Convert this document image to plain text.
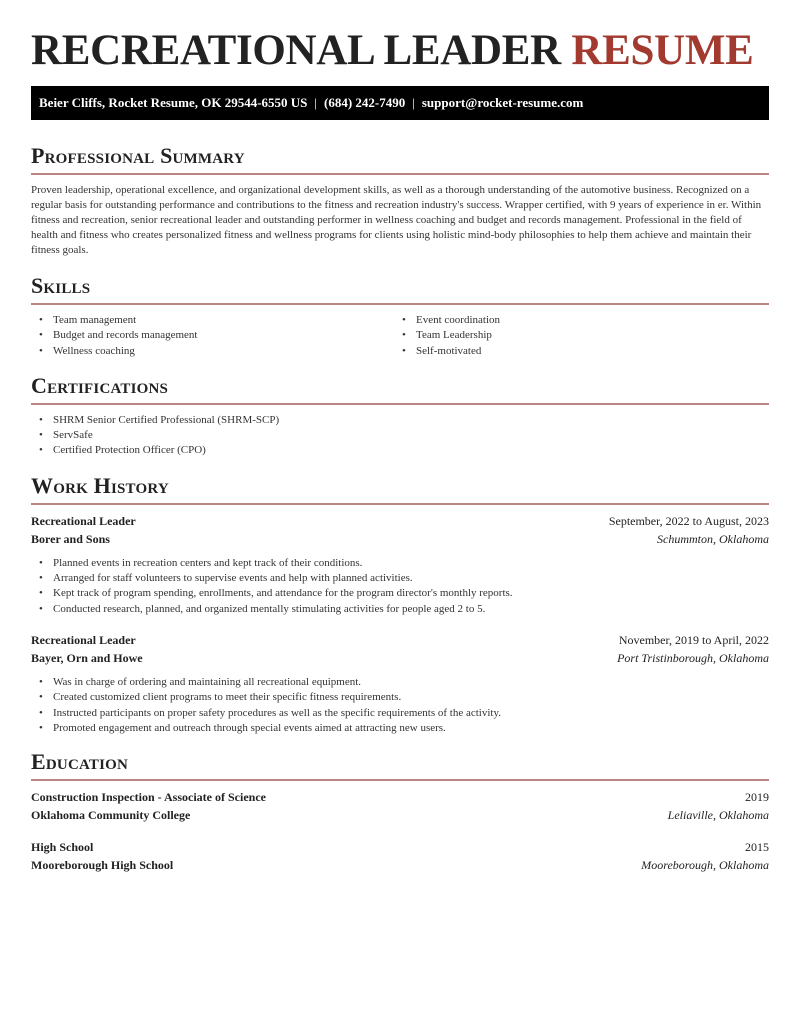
RECREATIONAL LEADER RESUME
Beier Cliffs, Rocket Resume, OK 29544-6550 US | (684) 242-7490 | support@rocket-resume.com
Professional Summary

Proven leadership, operational excellence, and organizational development skills, as well as a thorough understanding of the automotive business. Recognized on a regular basis for outstanding performance and contributions to the fitness and recreation industry's success. Wrapper certified, with 9 years of experience in er. Within fitness and recreation, senior recreational leader and outstanding performer in wellness coaching and budget and records management. Professional in the field of health and fitness who creates personalized fitness and wellness programs for clients using holistic mind-body philosophies to help them achieve and maintain their fitness goals.

Skills
• Team management
• Budget and records management
• Wellness coaching
• Event coordination
• Team Leadership
• Self-motivated
Certifications
• SHRM Senior Certified Professional (SHRM-SCP)
• ServSafe
• Certified Protection Officer (CPO)
Work History
Recreational Leader	September, 2022 to August, 2023
Borer and Sons	Schummton, Oklahoma
• Planned events in recreation centers and kept track of their conditions.
• Arranged for staff volunteers to supervise events and help with planned activities.
• Kept track of program spending, enrollments, and attendance for the program director's monthly reports.
• Conducted research, planned, and organized mentally stimulating activities for people aged 2 to 5.
Recreational Leader	November, 2019 to April, 2022
Bayer, Orn and Howe	Port Tristinborough, Oklahoma
• Was in charge of ordering and maintaining all recreational equipment.
• Created customized client programs to meet their specific fitness requirements.
• Instructed participants on proper safety procedures as well as the specific requirements of the activity.
• Promoted engagement and outreach through special events aimed at attracting new users.
Education
Construction Inspection - Associate of Science	2019
Oklahoma Community College	Leliaville, Oklahoma
High School	2015
Mooreborough High School	Mooreborough, Oklahoma
